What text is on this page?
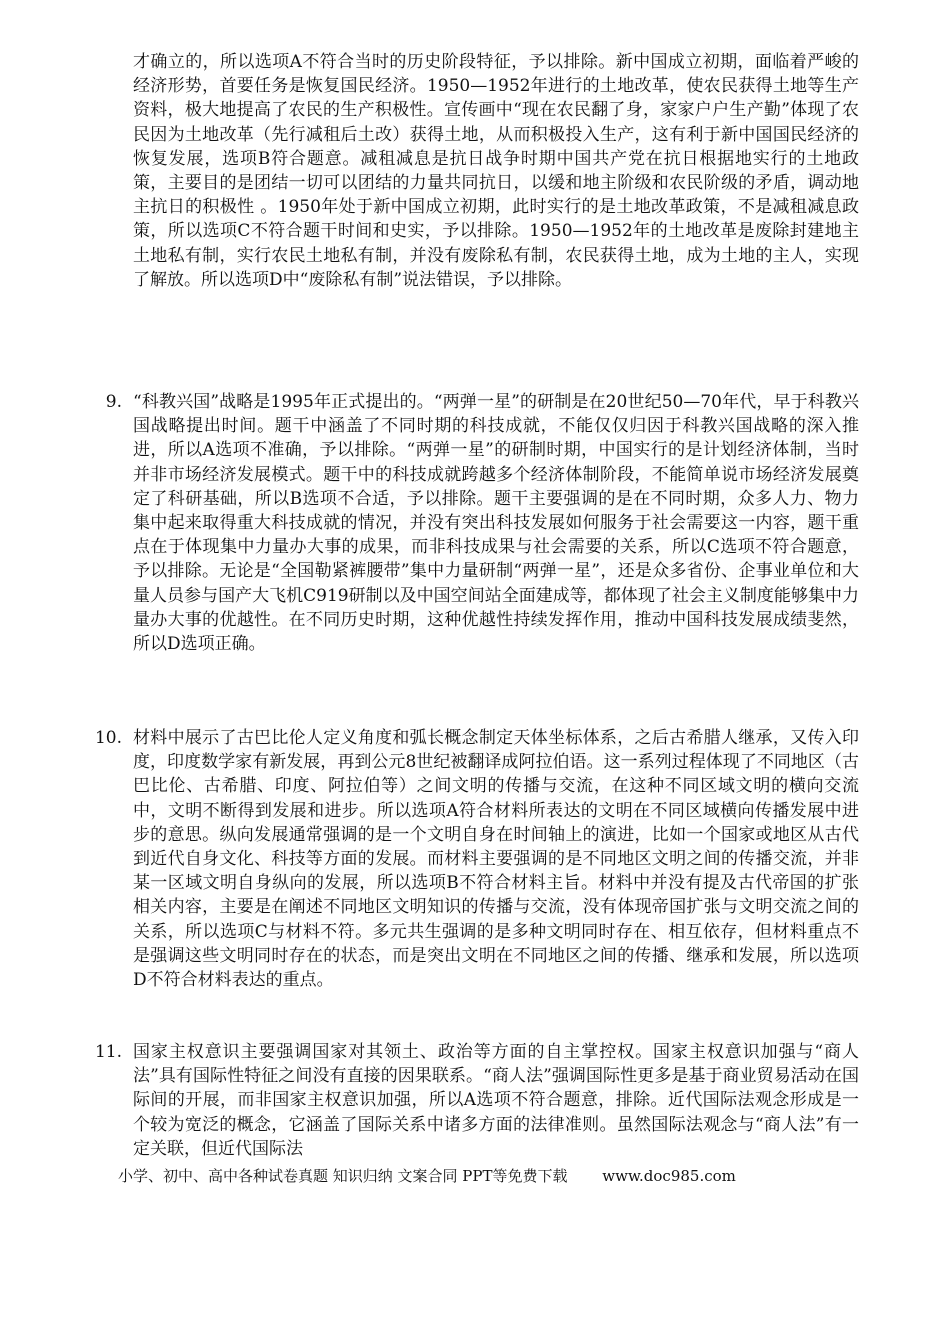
才确立的，所以选项A不符合当时的历史阶段特征，予以排除。新中国成立初期，面临着严峻的经济形势，首要任务是恢复国民经济。1950—1952年进行的土地改革，使农民获得土地等生产资料，极大地提高了农民的生产积极性。宣传画中“现在农民翻了身，家家户户生产勤”体现了农民因为土地改革（先行减租后土改）获得土地，从而积极投入生产，这有利于新中国国民经济的恢复发展，选项B符合题意。减租减息是抗日战争时期中国共产党在抗日根据地实行的土地政策，主要目的是团结一切可以团结的力量共同抗日，以缓和地主阶级和农民阶级的矛盾，调动地主抗日的积极性 。1950年处于新中国成立初期，此时实行的是土地改革政策，不是减租减息政策，所以选项C不符合题干时间和史实，予以排除。1950—1952年的土地改革是废除封建地主土地私有制，实行农民土地私有制，并没有废除私有制，农民获得土地，成为土地的主人，实现了解放。所以选项D中“废除私有制”说法错误，予以排除。

9. “科教兴国”战略是1995年正式提出的。“两弹一星”的研制是在20世纪50—70年代，早于科教兴国战略提出时间。题干中涵盖了不同时期的科技成就，不能仅仅归因于科教兴国战略的深入推进，所以A选项不准确，予以排除。“两弹一星”的研制时期，中国实行的是计划经济体制，当时并非市场经济发展模式。题干中的科技成就跨越多个经济体制阶段，不能简单说市场经济发展奠定了科研基础，所以B选项不合适，予以排除。题干主要强调的是在不同时期，众多人力、物力集中起来取得重大科技成就的情况，并没有突出科技发展如何服务于社会需要这一内容，题干重点在于体现集中力量办大事的成果，而非科技成果与社会需要的关系，所以C选项不符合题意，予以排除。无论是“全国勒紧裤腰带”集中力量研制“两弹一星”，还是众多省份、企事业单位和大量人员参与国产大飞机C919研制以及中国空间站全面建成等，都体现了社会主义制度能够集中力量办大事的优越性。在不同历史时期，这种优越性持续发挥作用，推动中国科技发展成绩斐然，所以D选项正确。

10. 材料中展示了古巴比伦人定义角度和弧长概念制定天体坐标体系，之后古希腊人继承，又传入印度，印度数学家有新发展，再到公元8世纪被翻译成阿拉伯语。这一系列过程体现了不同地区（古巴比伦、古希腊、印度、阿拉伯等）之间文明的传播与交流，在这种不同区域文明的横向交流中，文明不断得到发展和进步。所以选项A符合材料所表达的文明在不同区域横向传播发展中进步的意思。纵向发展通常强调的是一个文明自身在时间轴上的演进，比如一个国家或地区从古代到近代自身文化、科技等方面的发展。而材料主要强调的是不同地区文明之间的传播交流，并非某一区域文明自身纵向的发展，所以选项B不符合材料主旨。材料中并没有提及古代帝国的扩张相关内容，主要是在阐述不同地区文明知识的传播与交流，没有体现帝国扩张与文明交流之间的关系，所以选项C与材料不符。多元共生强调的是多种文明同时存在、相互依存，但材料重点不是强调这些文明同时存在的状态，而是突出文明在不同地区之间的传播、继承和发展，所以选项D不符合材料表达的重点。

11. 国家主权意识主要强调国家对其领土、政治等方面的自主掌控权。国家主权意识加强与“商人法”具有国际性特征之间没有直接的因果联系。“商人法”强调国际性更多是基于商业贸易活动在国际间的开展，而非国家主权意识加强，所以A选项不符合题意，排除。近代国际法观念形成是一个较为宽泛的概念，它涵盖了国际关系中诸多方面的法律准则。虽然国际法观念与“商人法”有一定关联，但近代国际法

小学、初中、高中各种试卷真题 知识归纳 文案合同 PPT等免费下载 www.doc985.com
